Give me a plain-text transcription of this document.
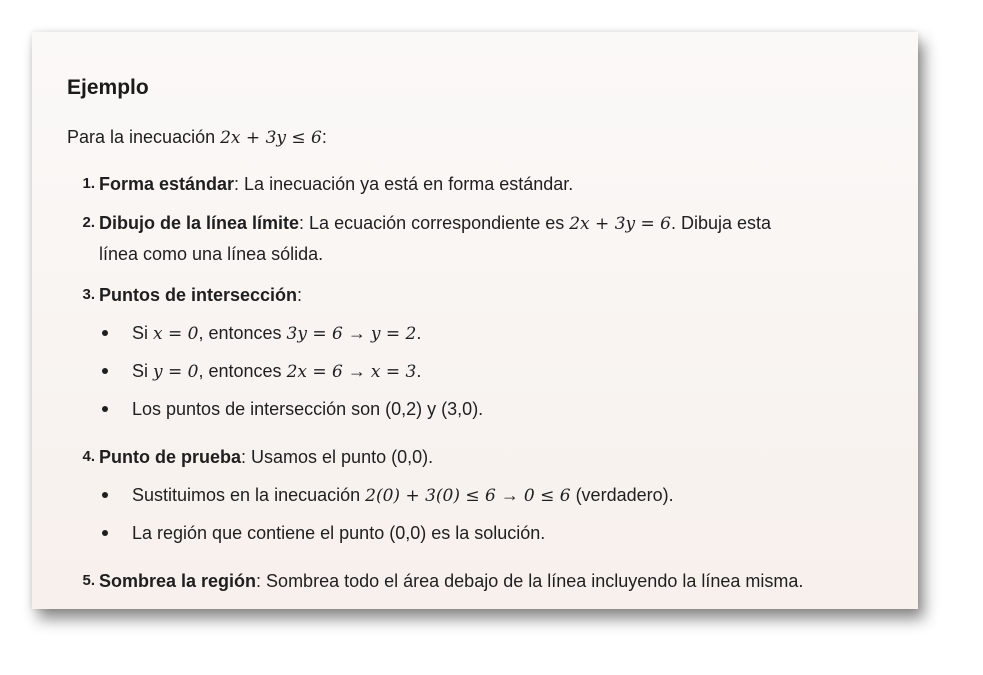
Ejemplo

Para la inecuación 2x + 3y ≤ 6:

1. Forma estándar: La inecuación ya está en forma estándar.
2. Dibujo de la línea límite: La ecuación correspondiente es 2x + 3y = 6. Dibuja esta
línea como una línea sólida.
3. Puntos de intersección:
Si x = 0, entonces 3y = 6 → y = 2.
Si y = 0, entonces 2x = 6 → x = 3.
Los puntos de intersección son (0,2) y (3,0).
4. Punto de prueba: Usamos el punto (0,0).
Sustituimos en la inecuación 2(0) + 3(0) ≤ 6 → 0 ≤ 6 (verdadero).
La región que contiene el punto (0,0) es la solución.
5. Sombrea la región: Sombrea todo el área debajo de la línea incluyendo la línea misma.
